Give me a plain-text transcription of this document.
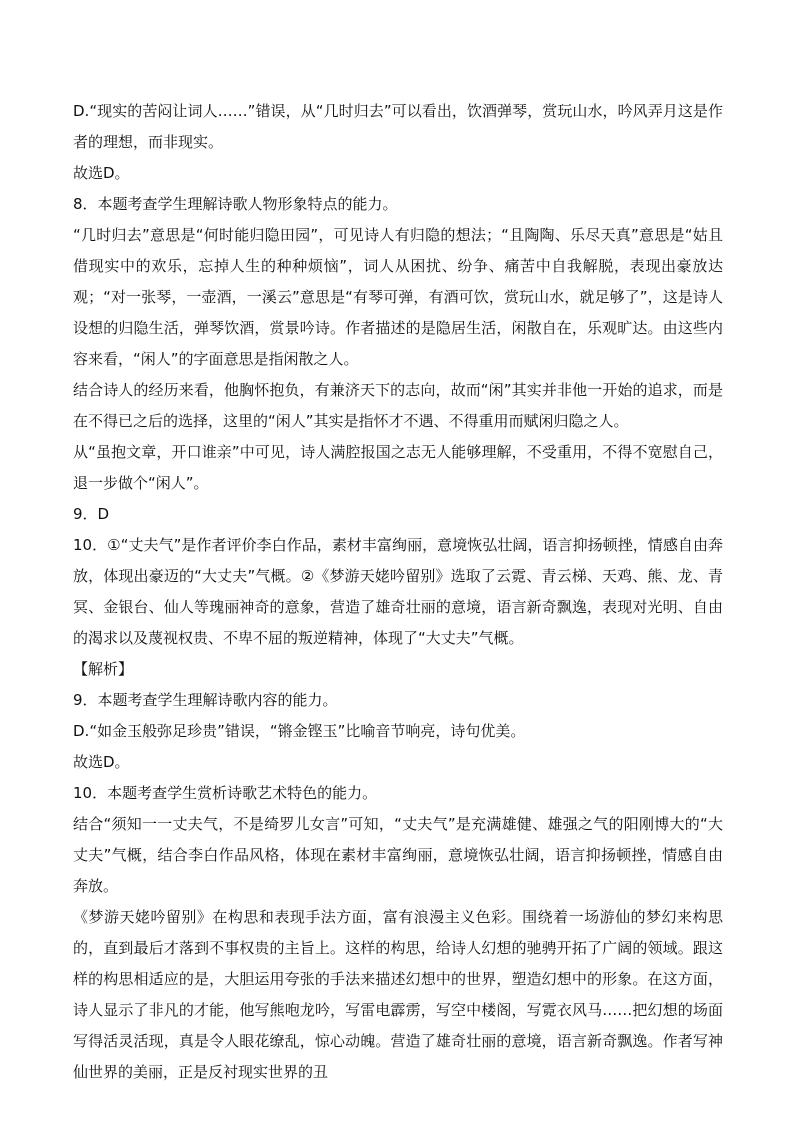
D.“现实的苦闷让词人……”错误，从“几时归去”可以看出，饮酒弹琴，赏玩山水，吟风弄月这是作者的理想，而非现实。

故选D。

8．本题考查学生理解诗歌人物形象特点的能力。

“几时归去”意思是“何时能归隐田园”，可见诗人有归隐的想法；“且陶陶、乐尽天真”意思是“姑且借现实中的欢乐，忘掉人生的种种烦恼”，词人从困扰、纷争、痛苦中自我解脱，表现出豪放达观；“对一张琴，一壶酒，一溪云”意思是“有琴可弹，有酒可饮，赏玩山水，就足够了”，这是诗人设想的归隐生活，弹琴饮酒，赏景吟诗。作者描述的是隐居生活，闲散自在，乐观旷达。由这些内容来看，“闲人”的字面意思是指闲散之人。

结合诗人的经历来看，他胸怀抱负，有兼济天下的志向，故而“闲”其实并非他一开始的追求，而是在不得已之后的选择，这里的“闲人”其实是指怀才不遇、不得重用而赋闲归隐之人。

从“虽抱文章，开口谁亲”中可见，诗人满腔报国之志无人能够理解，不受重用，不得不宽慰自己，退一步做个“闲人”。

9．D

10．①“丈夫气”是作者评价李白作品，素材丰富绚丽，意境恢弘壮阔，语言抑扬顿挫，情感自由奔放，体现出豪迈的“大丈夫”气概。②《梦游天姥吟留别》选取了云霓、青云梯、天鸡、熊、龙、青冥、金银台、仙人等瑰丽神奇的意象，营造了雄奇壮丽的意境，语言新奇飘逸，表现对光明、自由的渴求以及蔑视权贵、不卑不屈的叛逆精神，体现了“大丈夫”气概。

【解析】

9．本题考查学生理解诗歌内容的能力。

D.“如金玉般弥足珍贵”错误，“锵金铿玉”比喻音节响亮，诗句优美。

故选D。

10．本题考查学生赏析诗歌艺术特色的能力。

结合“须知一一丈夫气，不是绮罗儿女言”可知，“丈夫气”是充满雄健、雄强之气的阳刚博大的“大丈夫”气概，结合李白作品风格，体现在素材丰富绚丽，意境恢弘壮阔，语言抑扬顿挫，情感自由奔放。

《梦游天姥吟留别》在构思和表现手法方面，富有浪漫主义色彩。围绕着一场游仙的梦幻来构思的，直到最后才落到不事权贵的主旨上。这样的构思，给诗人幻想的驰骋开拓了广阔的领域。跟这样的构思相适应的是，大胆运用夸张的手法来描述幻想中的世界，塑造幻想中的形象。在这方面，诗人显示了非凡的才能，他写熊咆龙吟，写雷电霹雳，写空中楼阁，写霓衣风马……把幻想的场面写得活灵活现，真是令人眼花缭乱，惊心动魄。营造了雄奇壮丽的意境，语言新奇飘逸。作者写神仙世界的美丽，正是反衬现实世界的丑
